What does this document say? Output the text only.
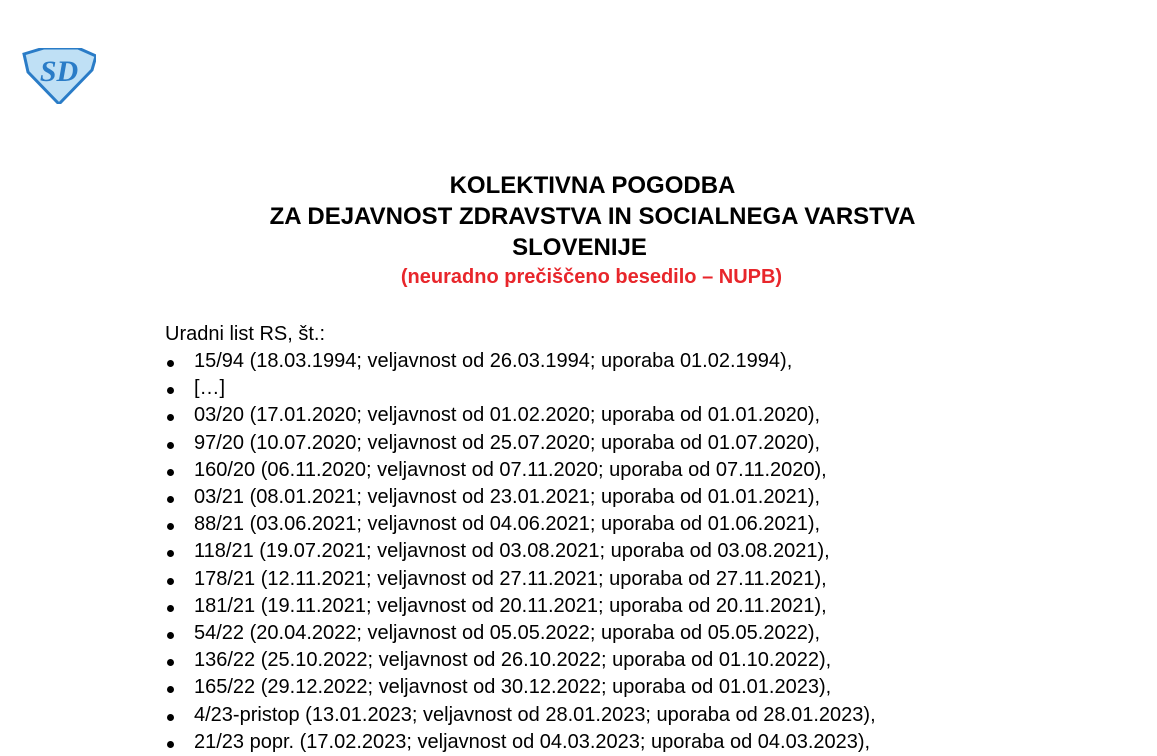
SD
KOLEKTIVNA POGODBA
ZA DEJAVNOST ZDRAVSTVA IN SOCIALNEGA VARSTVA
SLOVENIJE
(neuradno prečiščeno besedilo – NUPB)
Uradni list RS, št.:
15/94 (18.03.1994; veljavnost od 26.03.1994; uporaba 01.02.1994),
[…]
03/20 (17.01.2020; veljavnost od 01.02.2020; uporaba od 01.01.2020),
97/20 (10.07.2020; veljavnost od 25.07.2020; uporaba od 01.07.2020),
160/20 (06.11.2020; veljavnost od 07.11.2020; uporaba od 07.11.2020),
03/21 (08.01.2021; veljavnost od 23.01.2021; uporaba od 01.01.2021),
88/21 (03.06.2021; veljavnost od 04.06.2021; uporaba od 01.06.2021),
118/21 (19.07.2021; veljavnost od 03.08.2021; uporaba od 03.08.2021),
178/21 (12.11.2021; veljavnost od 27.11.2021; uporaba od 27.11.2021),
181/21 (19.11.2021; veljavnost od 20.11.2021; uporaba od 20.11.2021),
54/22 (20.04.2022; veljavnost od 05.05.2022; uporaba od 05.05.2022),
136/22 (25.10.2022; veljavnost od 26.10.2022; uporaba od 01.10.2022),
165/22 (29.12.2022; veljavnost od 30.12.2022; uporaba od 01.01.2023),
4/23-pristop (13.01.2023; veljavnost od 28.01.2023; uporaba od 28.01.2023),
21/23 popr. (17.02.2023; veljavnost od 04.03.2023; uporaba od 04.03.2023),
